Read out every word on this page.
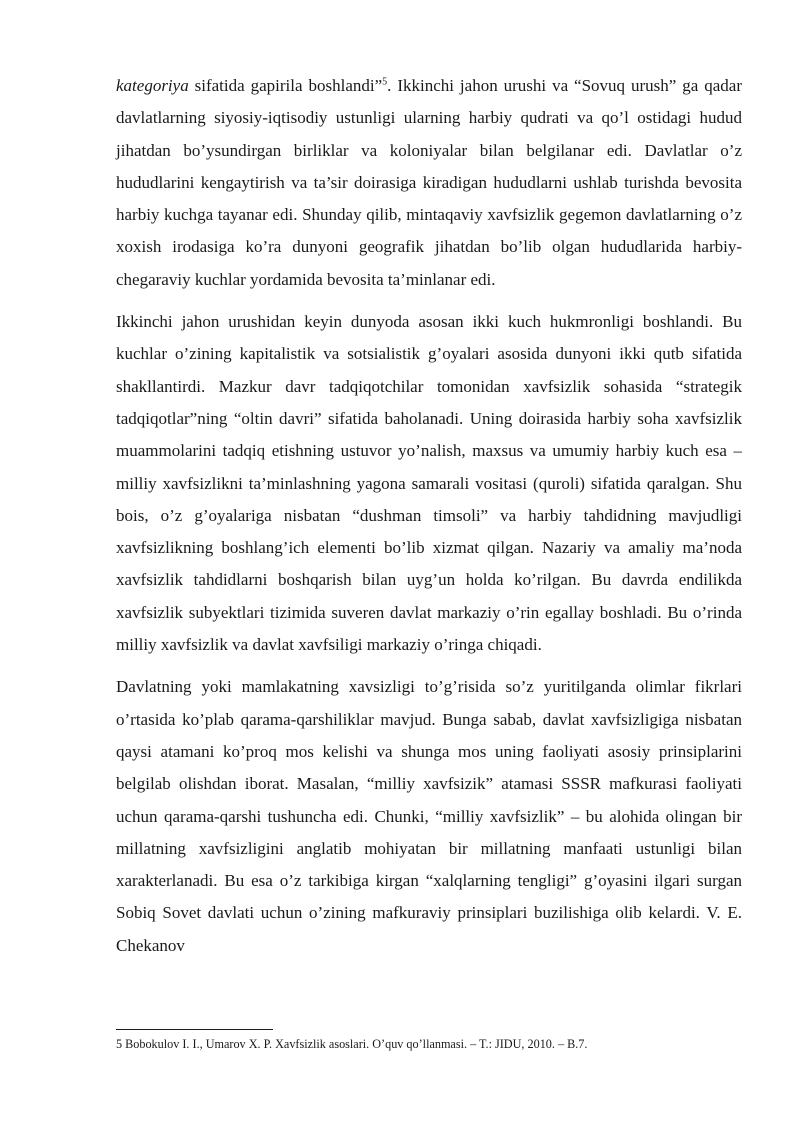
kategoriya sifatida gapirila boshlandi”$^5$. Ikkinchi jahon urushi va “Sovuq urush” ga qadar davlatlarning siyosiy-iqtisodiy ustunligi ularning harbiy qudrati va qo’l ostidagi hudud jihatdan bo’ysundirgan birliklar va koloniyalar bilan belgilanar edi. Davlatlar o’z hududlarini kengaytirish va ta’sir doirasiga kiradigan hududlarni ushlab turishda bevosita harbiy kuchga tayanar edi. Shunday qilib, mintaqaviy xavfsizlik gegemon davlatlarning o’z xoxish irodasiga ko’ra dunyoni geografik jihatdan bo’lib olgan hududlarida harbiy-chegaraviy kuchlar yordamida bevosita ta’minlanar edi.

Ikkinchi jahon urushidan keyin dunyoda asosan ikki kuch hukmronligi boshlandi. Bu kuchlar o’zining kapitalistik va sotsialistik g’oyalari asosida dunyoni ikki qutb sifatida shakllantirdi. Mazkur davr tadqiqotchilar tomonidan xavfsizlik sohasida “strategik tadqiqotlar”ning “oltin davri” sifatida baholanadi. Uning doirasida harbiy soha xavfsizlik muammolarini tadqiq etishning ustuvor yo’nalish, maxsus va umumiy harbiy kuch esa – milliy xavfsizlikni ta’minlashning yagona samarali vositasi (quroli) sifatida qaralgan. Shu bois, o’z g’oyalariga nisbatan “dushman timsoli” va harbiy tahdidning mavjudligi xavfsizlikning boshlang’ich elementi bo’lib xizmat qilgan. Nazariy va amaliy ma’noda xavfsizlik tahdidlarni boshqarish bilan uyg’un holda ko’rilgan. Bu davrda endilikda xavfsizlik subyektlari tizimida suveren davlat markaziy o’rin egallay boshladi. Bu o’rinda milliy xavfsizlik va davlat xavfsiligi markaziy o’ringa chiqadi.

Davlatning yoki mamlakatning xavsizligi to’g’risida so’z yuritilganda olimlar fikrlari o’rtasida ko’plab qarama-qarshiliklar mavjud. Bunga sabab, davlat xavfsizligiga nisbatan qaysi atamani ko’proq mos kelishi va shunga mos uning faoliyati asosiy prinsiplarini belgilab olishdan iborat. Masalan, “milliy xavfsizik” atamasi SSSR mafkurasi faoliyati uchun qarama-qarshi tushuncha edi. Chunki, “milliy xavfsizlik” – bu alohida olingan bir millatning xavfsizligini anglatib mohiyatan bir millatning manfaati ustunligi bilan xarakterlanadi. Bu esa o’z tarkibiga kirgan “xalqlarning tengligi” g’oyasini ilgari surgan Sobiq Sovet davlati uchun o’zining mafkuraviy prinsiplari buzilishiga olib kelardi. V. E. Chekanov

5 Bobokulov I. I., Umarov X. P. Xavfsizlik asoslari. O’quv qo’llanmasi. – T.: JIDU, 2010. – B.7.
